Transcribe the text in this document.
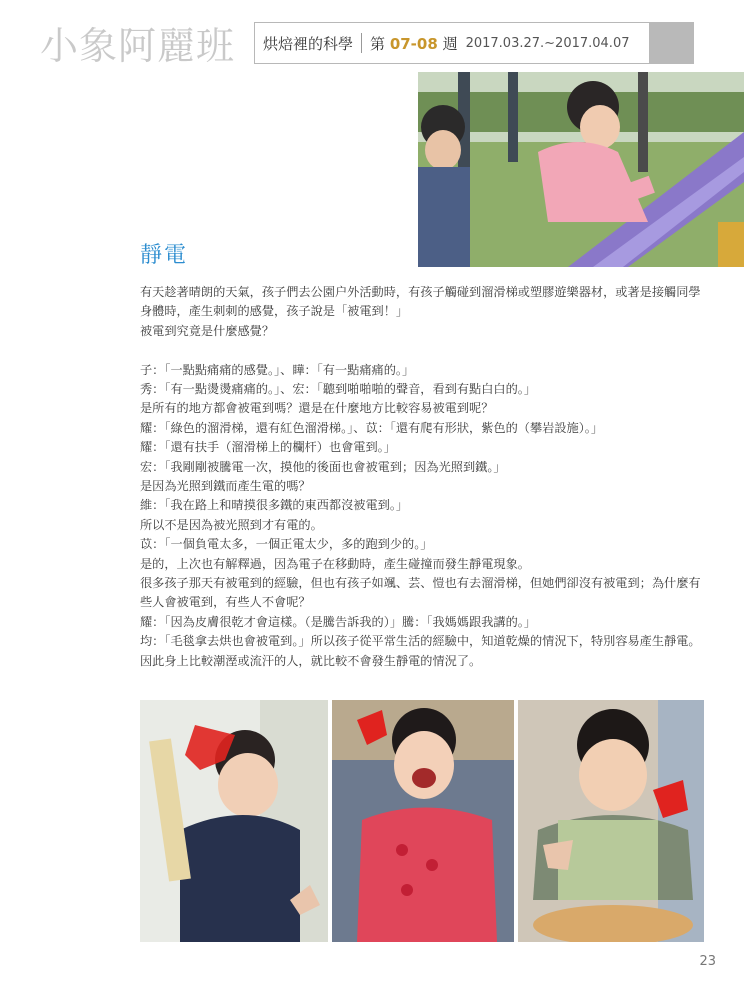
小象阿麗班 烘焙裡的科學 第 07-08 週 2017.03.27.~2017.04.07
靜電

有天趁著晴朗的天氣，孩子們去公園户外活動時，有孩子觸碰到溜滑梯或塑膠遊樂器材，或著是接觸同學身體時，產生刺刺的感覺，孩子說是「被電到！」

被電到究竟是什麼感覺？

子：「一點點痛痛的感覺。」、瞱：「有一點痛痛的。」

秀：「有一點燙燙痛痛的。」、宏：「聽到啪啪啪的聲音，看到有點白白的。」

是所有的地方都會被電到嗎？還是在什麼地方比較容易被電到呢？

耀：「綠色的溜滑梯，還有紅色溜滑梯。」、苡：「還有爬有形狀，紫色的（攀岩設施）。」

耀：「還有扶手（溜滑梯上的欄杆）也會電到。」

宏：「我剛剛被騰電一次，摸他的後面也會被電到；因為光照到鐵。」

是因為光照到鐵而產生電的嗎？

維：「我在路上和晴摸很多鐵的東西都沒被電到。」

所以不是因為被光照到才有電的。

苡：「一個負電太多，一個正電太少，多的跑到少的。」

是的，上次也有解釋過，因為電子在移動時，產生碰撞而發生靜電現象。

很多孩子那天有被電到的經驗，但也有孩子如颯、芸、愷也有去溜滑梯，但她們卻沒有被電到；為什麼有些人會被電到，有些人不會呢？

耀：「因為皮膚很乾才會這樣。（是騰告訴我的）」騰：「我媽媽跟我講的。」

均：「毛毯拿去烘也會被電到。」所以孩子從平常生活的經驗中，知道乾燥的情況下，特別容易產生靜電。因此身上比較潮溼或流汗的人，就比較不會發生靜電的情況了。

23
